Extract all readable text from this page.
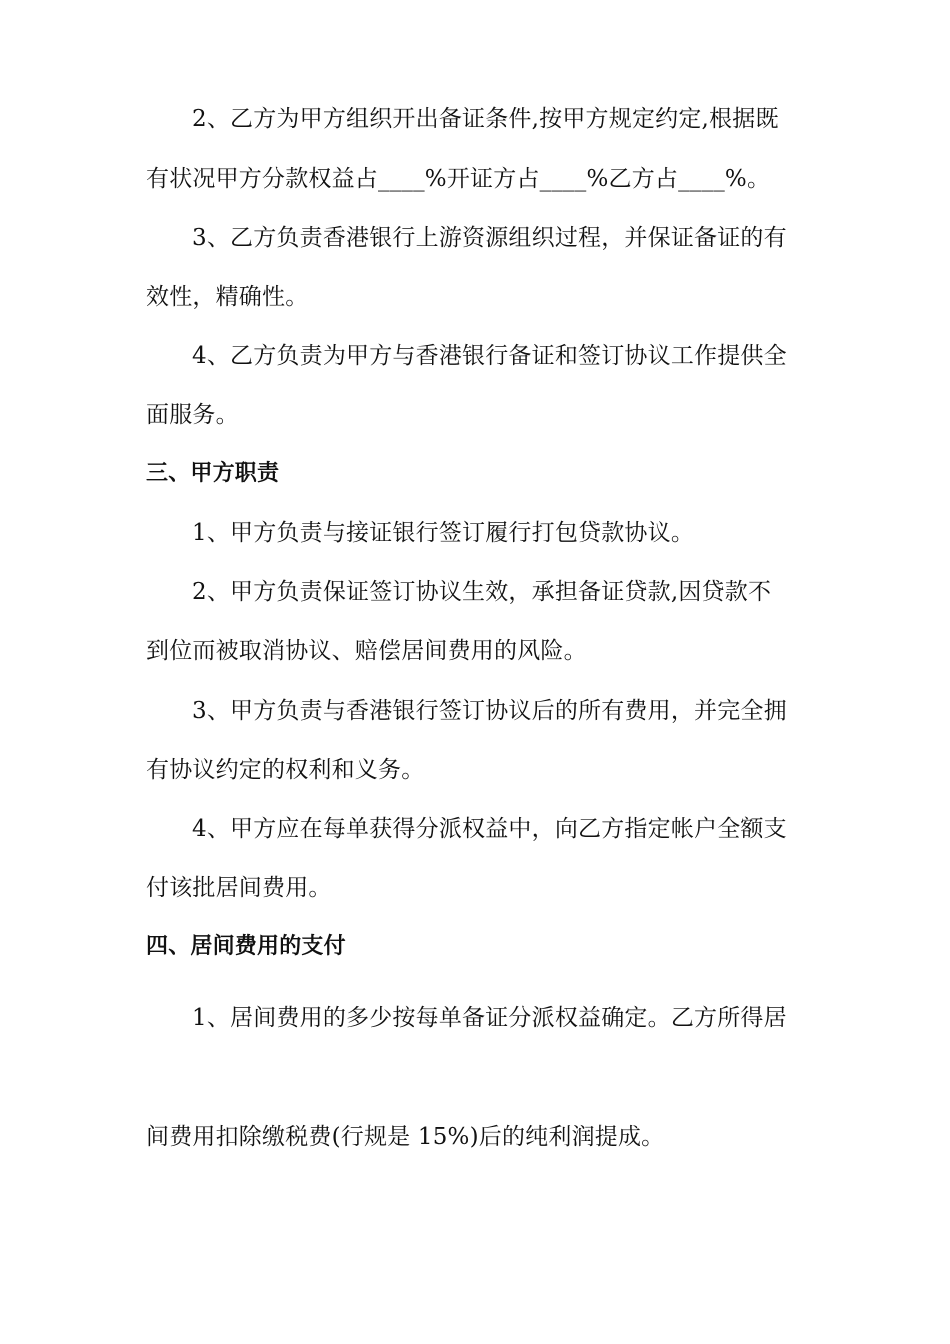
2、乙方为甲方组织开出备证条件,按甲方规定约定,根据既
有状况甲方分款权益占____%开证方占____%乙方占____%。
3、乙方负责香港银行上游资源组织过程，并保证备证的有
效性，精确性。
4、乙方负责为甲方与香港银行备证和签订协议工作提供全
面服务。
三、甲方职责
1、甲方负责与接证银行签订履行打包贷款协议。
2、甲方负责保证签订协议生效，承担备证贷款,因贷款不
到位而被取消协议、赔偿居间费用的风险。
3、甲方负责与香港银行签订协议后的所有费用，并完全拥
有协议约定的权利和义务。
4、甲方应在每单获得分派权益中，向乙方指定帐户全额支
付该批居间费用。
四、居间费用的支付
1、居间费用的多少按每单备证分派权益确定。乙方所得居
间费用扣除缴税费(行规是 15%)后的纯利润提成。
